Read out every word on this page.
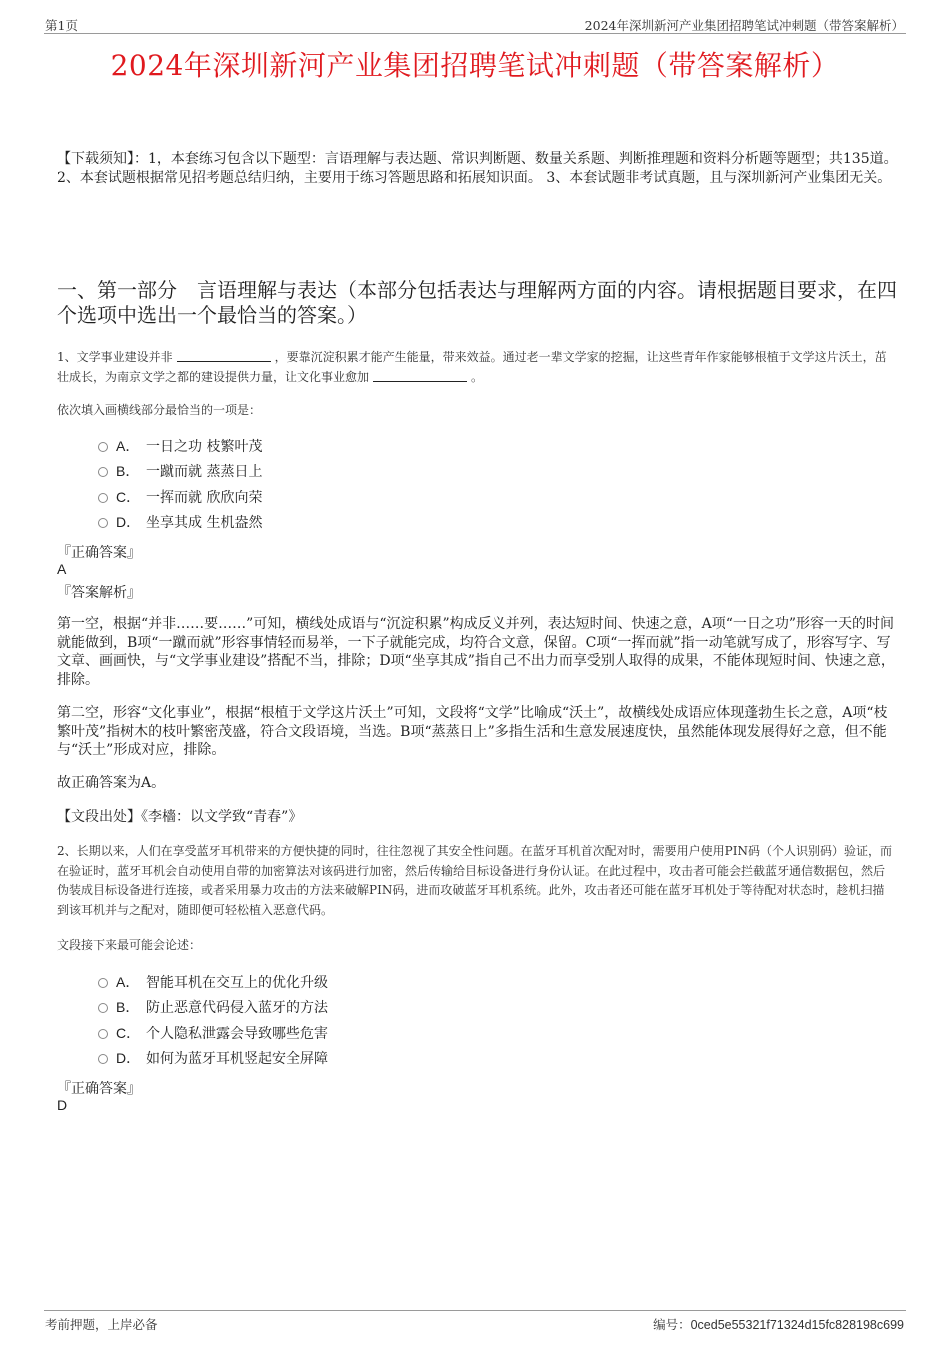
第1页	2024年深圳新河产业集团招聘笔试冲刺题（带答案解析）
2024年深圳新河产业集团招聘笔试冲刺题（带答案解析）
【下载须知】：1，本套练习包含以下题型：言语理解与表达题、常识判断题、数量关系题、判断推理题和资料分析题等题型；共135道。 2、本套试题根据常见招考题总结归纳，主要用于练习答题思路和拓展知识面。 3、本套试题非考试真题，且与深圳新河产业集团无关。
一、第一部分　言语理解与表达（本部分包括表达与理解两方面的内容。请根据题目要求，在四个选项中选出一个最恰当的答案。）
1、文学事业建设并非	，要靠沉淀积累才能产生能量，带来效益。通过老一辈文学家的挖掘，让这些青年作家能够根植于文学这片沃土，茁壮成长，为南京文学之都的建设提供力量，让文化事业愈加	。
依次填入画横线部分最恰当的一项是：
A． 一日之功 枝繁叶茂
B． 一蹴而就 蒸蒸日上
C． 一挥而就 欣欣向荣
D． 坐享其成 生机盎然
『正确答案』
A
『答案解析』
第一空，根据“并非……要……”可知，横线处成语与“沉淀积累”构成反义并列，表达短时间、快速之意，A项“一日之功”形容一天的时间就能做到，B项“一蹴而就”形容事情轻而易举，一下子就能完成，均符合文意，保留。C项“一挥而就”指一动笔就写成了，形容写字、写文章、画画快，与“文学事业建设”搭配不当，排除；D项“坐享其成”指自己不出力而享受别人取得的成果，不能体现短时间、快速之意，排除。
第二空，形容“文化事业”，根据“根植于文学这片沃土”可知，文段将“文学”比喻成“沃土”，故横线处成语应体现蓬勃生长之意，A项“枝繁叶茂”指树木的枝叶繁密茂盛，符合文段语境，当选。B项“蒸蒸日上”多指生活和生意发展速度快，虽然能体现发展得好之意，但不能与“沃土”形成对应，排除。
故正确答案为A。
【文段出处】《李檣：以文学致“青春”》
2、长期以来，人们在享受蓝牙耳机带来的方便快捷的同时，往往忽视了其安全性问题。在蓝牙耳机首次配对时，需要用户使用PIN码（个人识别码）验证，而在验证时，蓝牙耳机会自动使用自带的加密算法对该码进行加密，然后传输给目标设备进行身份认证。在此过程中，攻击者可能会拦截蓝牙通信数据包，然后伪装成目标设备进行连接，或者采用暴力攻击的方法来破解PIN码，进而攻破蓝牙耳机系统。此外，攻击者还可能在蓝牙耳机处于等待配对状态时，趁机扫描到该耳机并与之配对，随即便可轻松植入恶意代码。
文段接下来最可能会论述：
A． 智能耳机在交互上的优化升级
B． 防止恶意代码侵入蓝牙的方法
C． 个人隐私泄露会导致哪些危害
D． 如何为蓝牙耳机竖起安全屏障
『正确答案』
D
考前押题，上岸必备	编号：0ced5e55321f71324d15fc828198c699
